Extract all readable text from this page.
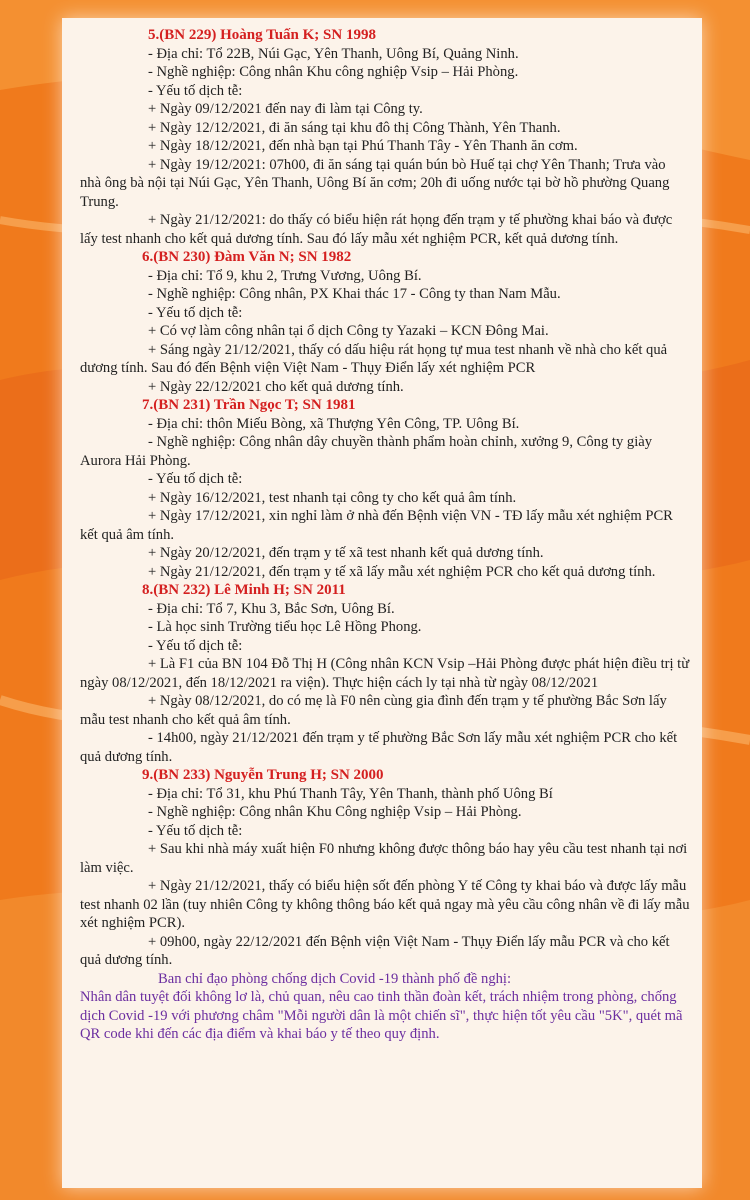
5.(BN 229) Hoàng Tuấn K; SN 1998

- Địa chỉ: Tổ 22B, Núi Gạc, Yên Thanh, Uông Bí, Quảng Ninh.

- Nghề nghiệp: Công nhân Khu công nghiệp Vsip – Hải Phòng.

- Yếu tố dịch tễ:

+ Ngày 09/12/2021 đến nay đi làm tại Công ty.

+ Ngày 12/12/2021, đi ăn sáng tại khu đô thị Công Thành, Yên Thanh.

+ Ngày 18/12/2021, đến nhà bạn tại Phú Thanh Tây - Yên Thanh ăn cơm.

+ Ngày 19/12/2021: 07h00, đi ăn sáng tại quán bún bò Huế tại chợ Yên Thanh; Trưa vào nhà ông bà nội tại Núi Gạc, Yên Thanh, Uông Bí ăn cơm; 20h đi uống nước tại bờ hồ phường Quang Trung.

+ Ngày 21/12/2021: do thấy có biểu hiện rát họng đến trạm y tế phường khai báo và được lấy test nhanh cho kết quả dương tính. Sau đó lấy mẫu xét nghiệm PCR, kết quả dương tính.

6.(BN 230) Đàm Văn N; SN 1982

- Địa chỉ: Tổ 9, khu 2, Trưng Vương, Uông Bí.

- Nghề nghiệp: Công nhân, PX Khai thác 17 - Công ty than Nam Mẫu.

- Yếu tố dịch tễ:

+ Có vợ làm công nhân tại ổ dịch Công ty Yazaki – KCN Đông Mai.

+ Sáng ngày 21/12/2021, thấy có dấu hiệu rát họng tự mua test nhanh về nhà cho kết quả dương tính. Sau đó đến Bệnh viện Việt Nam - Thụy Điển lấy xét nghiệm PCR

+ Ngày 22/12/2021 cho kết quả dương tính.

7.(BN 231) Trần Ngọc T; SN 1981

- Địa chỉ: thôn Miếu Bòng, xã Thượng Yên Công, TP. Uông Bí.

- Nghề nghiệp: Công nhân dây chuyền thành phẩm hoàn chỉnh, xưởng 9, Công ty giày Aurora Hải Phòng.

- Yếu tố dịch tễ:

+ Ngày 16/12/2021, test nhanh tại công ty cho kết quả âm tính.

+ Ngày 17/12/2021, xin nghỉ làm ở nhà đến Bệnh viện VN - TĐ lấy mẫu xét nghiệm PCR kết quả âm tính.

+ Ngày 20/12/2021, đến trạm y tế xã test nhanh kết quả dương tính.

+ Ngày 21/12/2021, đến trạm y tế xã lấy mẫu xét nghiệm PCR cho kết quả dương tính.

8.(BN 232) Lê Minh H; SN 2011

- Địa chỉ: Tổ 7, Khu 3, Bắc Sơn, Uông Bí.

- Là học sinh Trường tiểu học Lê Hồng Phong.

- Yếu tố dịch tễ:

+ Là F1 của BN 104 Đỗ Thị H (Công nhân KCN Vsip –Hải Phòng được phát hiện điều trị từ ngày 08/12/2021, đến 18/12/2021 ra viện). Thực hiện cách ly tại nhà từ ngày 08/12/2021

+ Ngày 08/12/2021, do có mẹ là F0 nên cùng gia đình đến trạm y tế phường Bắc Sơn lấy mẫu test nhanh cho kết quả âm tính.

- 14h00, ngày 21/12/2021 đến trạm y tế phường Bắc Sơn lấy mẫu xét nghiệm PCR cho kết quả dương tính.

9.(BN 233) Nguyễn Trung H; SN 2000

- Địa chỉ: Tổ 31, khu Phú Thanh Tây, Yên Thanh, thành phố Uông Bí

- Nghề nghiệp: Công nhân Khu Công nghiệp Vsip – Hải Phòng.

- Yếu tố dịch tễ:

+ Sau khi nhà máy xuất hiện F0 nhưng không được thông báo hay yêu cầu test nhanh tại nơi làm việc.

+ Ngày 21/12/2021, thấy có biểu hiện sốt đến phòng Y tế Công ty khai báo và được lấy mẫu test nhanh 02 lần (tuy nhiên Công ty không thông báo kết quả ngay mà yêu cầu công nhân về đi lấy mẫu xét nghiệm PCR).

+ 09h00, ngày 22/12/2021 đến Bệnh viện Việt Nam - Thụy Điển lấy mẫu PCR và cho kết quả dương tính.

Ban chỉ đạo phòng chống dịch Covid -19 thành phố đề nghị:

Nhân dân tuyệt đối không lơ là, chủ quan, nêu cao tinh thần đoàn kết, trách nhiệm trong phòng, chống dịch Covid -19 với phương châm "Mỗi người dân là một chiến sĩ", thực hiện tốt yêu cầu "5K", quét mã QR code khi đến các địa điểm và khai báo y tế theo quy định.
